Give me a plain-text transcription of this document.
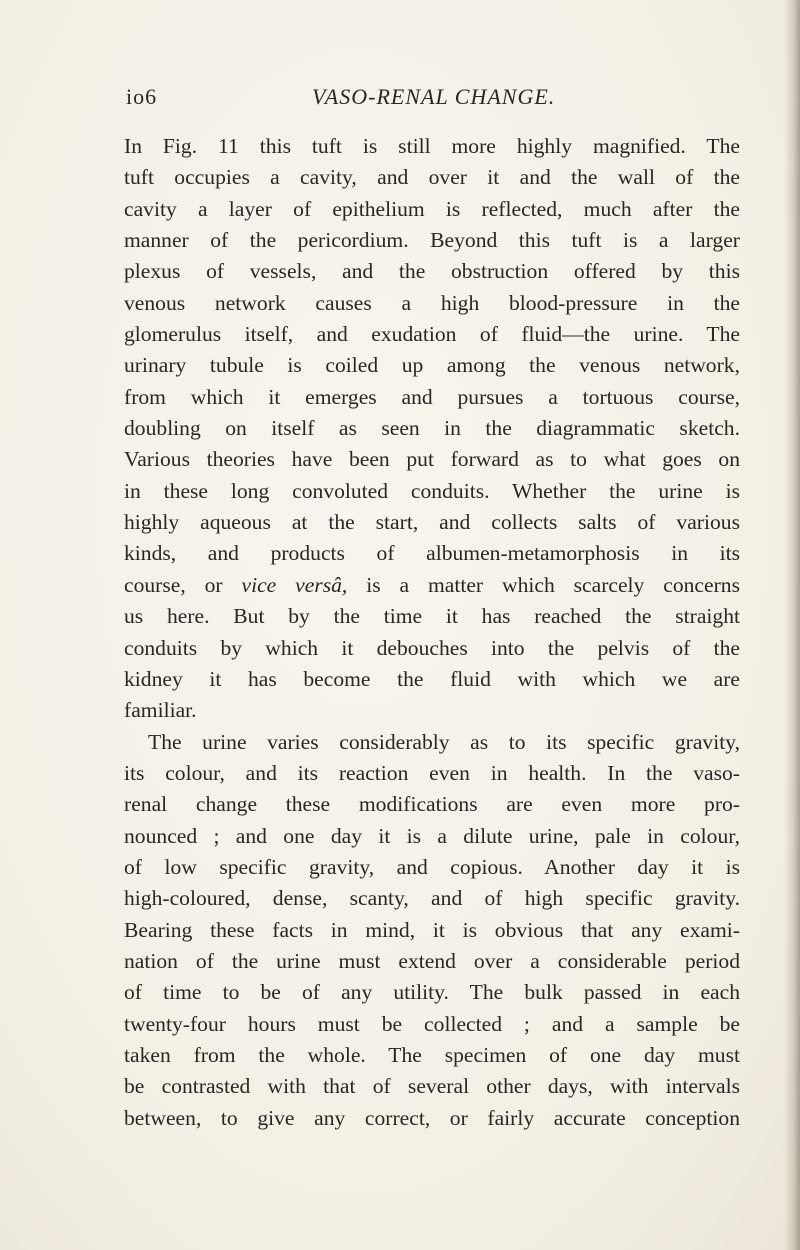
io6	VASO-RENAL CHANGE.
In Fig. 11 this tuft is still more highly magnified. The
tuft occupies a cavity, and over it and the wall of the
cavity a layer of epithelium is reflected, much after the
manner of the pericordium. Beyond this tuft is a larger
plexus of vessels, and the obstruction offered by this
venous network causes a high blood-pressure in the
glomerulus itself, and exudation of fluid—the urine. The
urinary tubule is coiled up among the venous network,
from which it emerges and pursues a tortuous course,
doubling on itself as seen in the diagrammatic sketch.
Various theories have been put forward as to what goes on
in these long convoluted conduits. Whether the urine is
highly aqueous at the start, and collects salts of various
kinds, and products of albumen-metamorphosis in its
course, or vice versâ, is a matter which scarcely concerns
us here. But by the time it has reached the straight
conduits by which it debouches into the pelvis of the
kidney it has become the fluid with which we are
familiar.
The urine varies considerably as to its specific gravity,
its colour, and its reaction even in health. In the vaso-
renal change these modifications are even more pro-
nounced ; and one day it is a dilute urine, pale in colour,
of low specific gravity, and copious. Another day it is
high-coloured, dense, scanty, and of high specific gravity.
Bearing these facts in mind, it is obvious that any exami-
nation of the urine must extend over a considerable period
of time to be of any utility. The bulk passed in each
twenty-four hours must be collected ; and a sample be
taken from the whole. The specimen of one day must
be contrasted with that of several other days, with intervals
between, to give any correct, or fairly accurate conception
